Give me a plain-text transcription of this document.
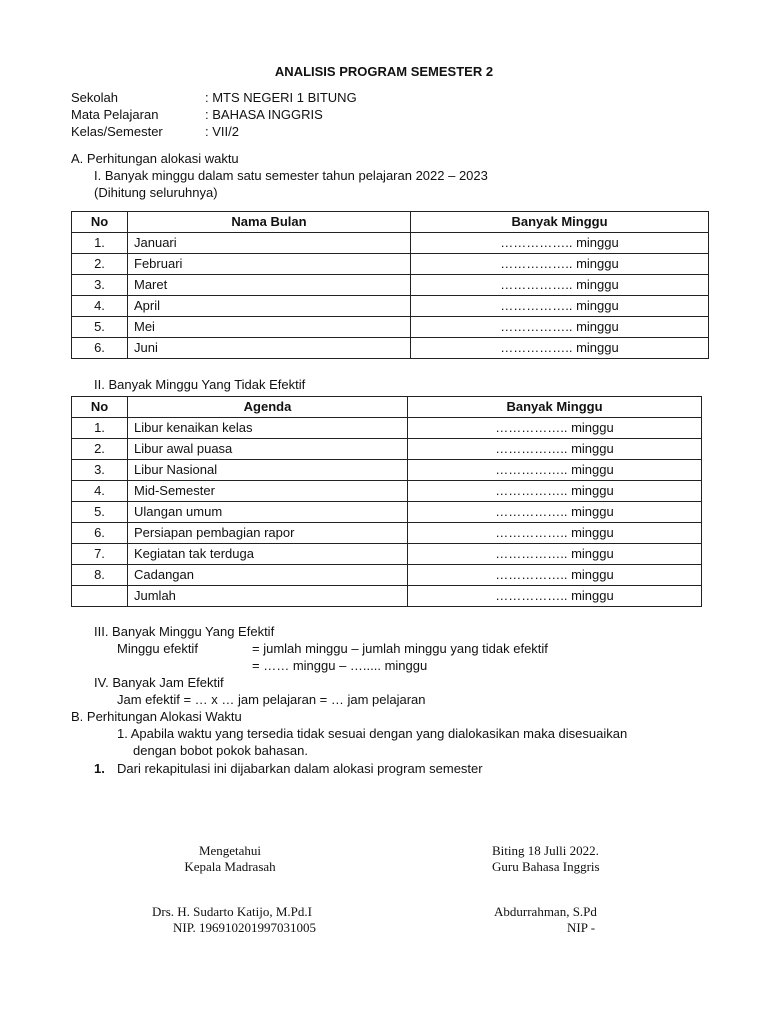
ANALISIS PROGRAM SEMESTER 2
Sekolah	: MTS NEGERI 1 BITUNG
Mata Pelajaran	: BAHASA INGGRIS
Kelas/Semester	: VII/2
A. Perhitungan alokasi waktu
I. Banyak minggu dalam satu semester tahun pelajaran 2022 – 2023
(Dihitung seluruhnya)
No	Nama Bulan	Banyak Minggu
1.	Januari	…………….. minggu
2.	Februari	…………….. minggu
3.	Maret	…………….. minggu
4.	April	…………….. minggu
5.	Mei	…………….. minggu
6.	Juni	…………….. minggu
II. Banyak Minggu Yang Tidak Efektif
No	Agenda	Banyak Minggu
1.	Libur kenaikan kelas	…………….. minggu
2.	Libur awal puasa	…………….. minggu
3.	Libur Nasional	…………….. minggu
4.	Mid-Semester	…………….. minggu
5.	Ulangan umum	…………….. minggu
6.	Persiapan pembagian rapor	…………….. minggu
7.	Kegiatan tak terduga	…………….. minggu
8.	Cadangan	…………….. minggu
	Jumlah	…………….. minggu
III. Banyak Minggu Yang Efektif
Minggu efektif	= jumlah minggu – jumlah minggu yang tidak efektif
= …… minggu – …..... minggu
IV. Banyak Jam Efektif
Jam efektif = … x … jam pelajaran = … jam pelajaran
B. Perhitungan Alokasi Waktu
1. Apabila waktu yang tersedia tidak sesuai dengan yang dialokasikan maka disesuaikan
dengan bobot pokok bahasan.
1. Dari rekapitulasi ini dijabarkan dalam alokasi program semester
Mengetahui
Kepala Madrasah
Drs. H. Sudarto Katijo, M.Pd.I
NIP. 196910201997031005
Biting 18 Julli 2022.
Guru Bahasa Inggris
Abdurrahman, S.Pd
NIP -
